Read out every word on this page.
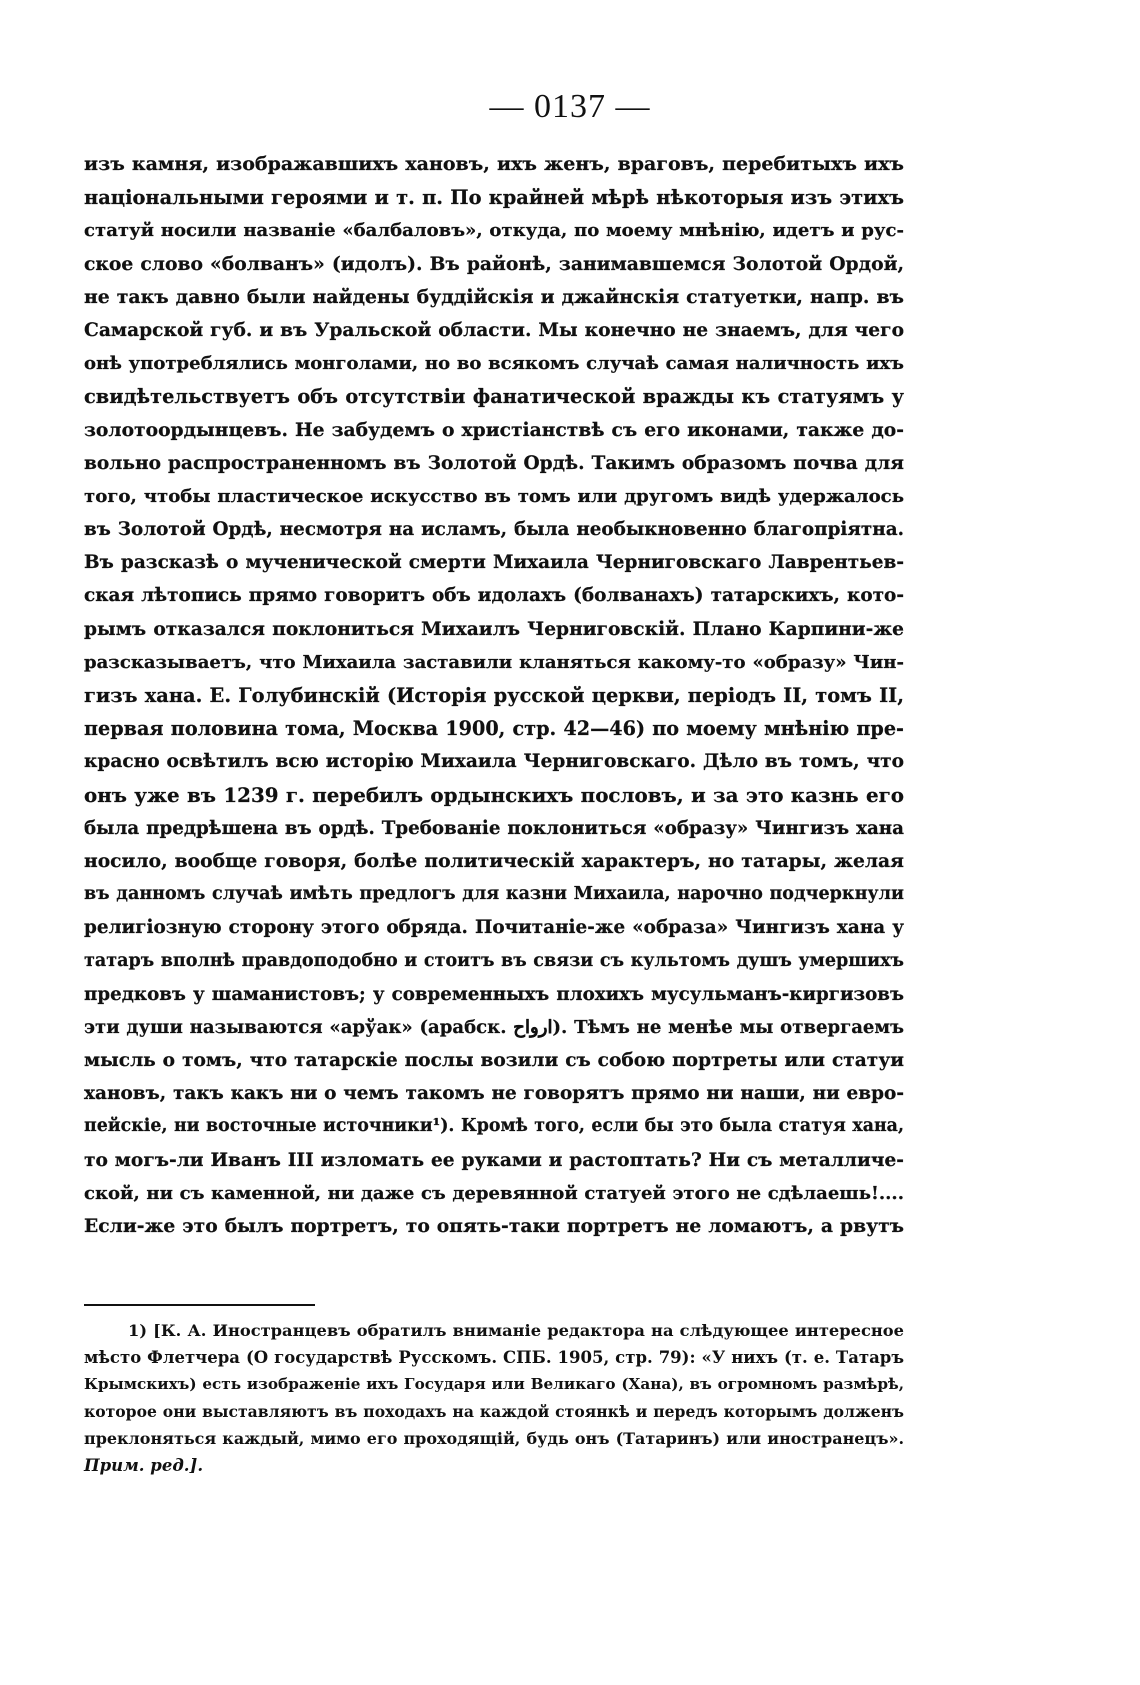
— 0137 —
изъ камня, изображавшихъ хановъ, ихъ женъ, враговъ, перебитыхъ ихъ
національными героями и т. п. По крайней мѣрѣ нѣкоторыя изъ этихъ
статуй носили названіе «балбаловъ», откуда, по моему мнѣнію, идетъ и рус-
ское слово «болванъ» (идолъ). Въ районѣ, занимавшемся Золотой Ордой,
не такъ давно были найдены буддійскія и джайнскія статуетки, напр. въ
Самарской губ. и въ Уральской области. Мы конечно не знаемъ, для чего
онѣ употреблялись монголами, но во всякомъ случаѣ самая наличность ихъ
свидѣтельствуетъ объ отсутствіи фанатической вражды къ статуямъ у
золотоордынцевъ. Не забудемъ о христіанствѣ съ его иконами, также до-
вольно распространенномъ въ Золотой Ордѣ. Такимъ образомъ почва для
того, чтобы пластическое искусство въ томъ или другомъ видѣ удержалось
въ Золотой Ордѣ, несмотря на исламъ, была необыкновенно благопріятна.
Въ разсказѣ о мученической смерти Михаила Черниговскаго Лаврентьев-
ская лѣтопись прямо говоритъ объ идолахъ (болванахъ) татарскихъ, кото-
рымъ отказался поклониться Михаилъ Черниговскій. Плано Карпини-же
разсказываетъ, что Михаила заставили кланяться какому-то «образу» Чин-
гизъ хана. Е. Голубинскій (Исторія русской церкви, періодъ II, томъ II,
первая половина тома, Москва 1900, стр. 42—46) по моему мнѣнію пре-
красно освѣтилъ всю исторію Михаила Черниговскаго. Дѣло въ томъ, что
онъ уже въ 1239 г. перебилъ ордынскихъ пословъ, и за это казнь его
была предрѣшена въ ордѣ. Требованіе поклониться «образу» Чингизъ хана
носило, вообще говоря, болѣе политическій характеръ, но татары, желая
въ данномъ случаѣ имѣть предлогъ для казни Михаила, нарочно подчеркнули
религіозную сторону этого обряда. Почитаніе-же «образа» Чингизъ хана у
татаръ вполнѣ правдоподобно и стоитъ въ связи съ культомъ душъ умершихъ
предковъ у шаманистовъ; у современныхъ плохихъ мусульманъ-киргизовъ
эти души называются «арўак» (арабск. ارواح). Тѣмъ не менѣе мы отвергаемъ
мысль о томъ, что татарскіе послы возили съ собою портреты или статуи
хановъ, такъ какъ ни о чемъ такомъ не говорятъ прямо ни наши, ни евро-
пейскіе, ни восточные источники¹). Кромѣ того, если бы это была статуя хана,
то могъ-ли Иванъ III изломать ее руками и растоптать? Ни съ металличе-
ской, ни съ каменной, ни даже съ деревянной статуей этого не сдѣлаешь!....
Если-же это былъ портретъ, то опять-таки портретъ не ломаютъ, а рвутъ
1) [К. А. Иностранцевъ обратилъ вниманіе редактора на слѣдующее интересное
мѣсто Флетчера (О государствѣ Русскомъ. СПБ. 1905, стр. 79): «У нихъ (т. е. Татаръ
Крымскихъ) есть изображеніе ихъ Государя или Великаго (Хана), въ огромномъ размѣрѣ,
которое они выставляютъ въ походахъ на каждой стоянкѣ и передъ которымъ долженъ
преклоняться каждый, мимо его проходящій, будь онъ (Татаринъ) или иностранецъ».
Прим. ред.].
